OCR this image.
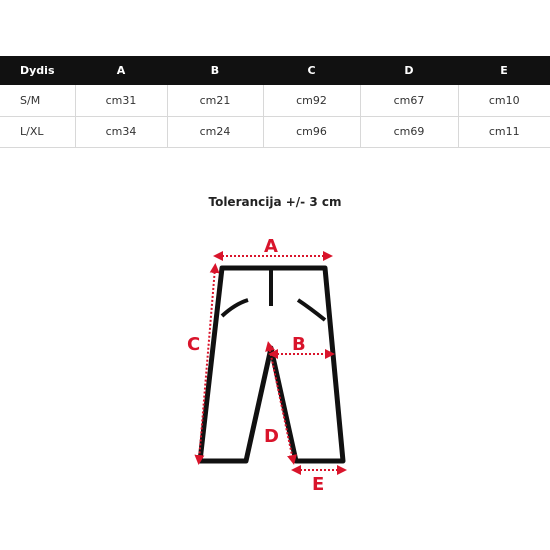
Dydis	A	B	C	D	E
S/M	cm31	cm21	cm92	cm67	cm10
L/XL	cm34	cm24	cm96	cm69	cm11
Tolerancija +/- 3 cm
A
B
C
D
E
